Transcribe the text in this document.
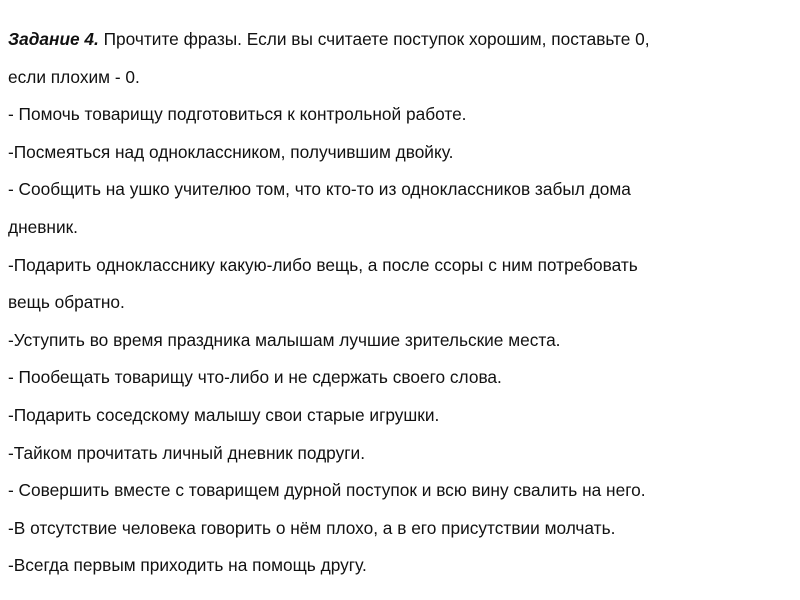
Задание 4. Прочтите фразы. Если вы считаете поступок хорошим, поставьте 0,
если плохим - 0.
- Помочь товарищу подготовиться к контрольной работе.
-Посмеяться над одноклассником, получившим двойку.
- Сообщить на ушко учителюо том, что кто-то из одноклассников забыл дома
дневник.
-Подарить однокласснику какую-либо вещь, а после ссоры с ним потребовать
вещь обратно.
-Уступить во время праздника малышам лучшие зрительские места.
- Пообещать товарищу что-либо и не сдержать своего слова.
-Подарить соседскому малышу свои старые игрушки.
-Тайком прочитать личный дневник подруги.
- Совершить вместе с товарищем дурной поступок и всю вину свалить на него.
-В отсутствие человека говорить о нём плохо, а в его присутствии молчать.
-Всегда первым приходить на помощь другу.
